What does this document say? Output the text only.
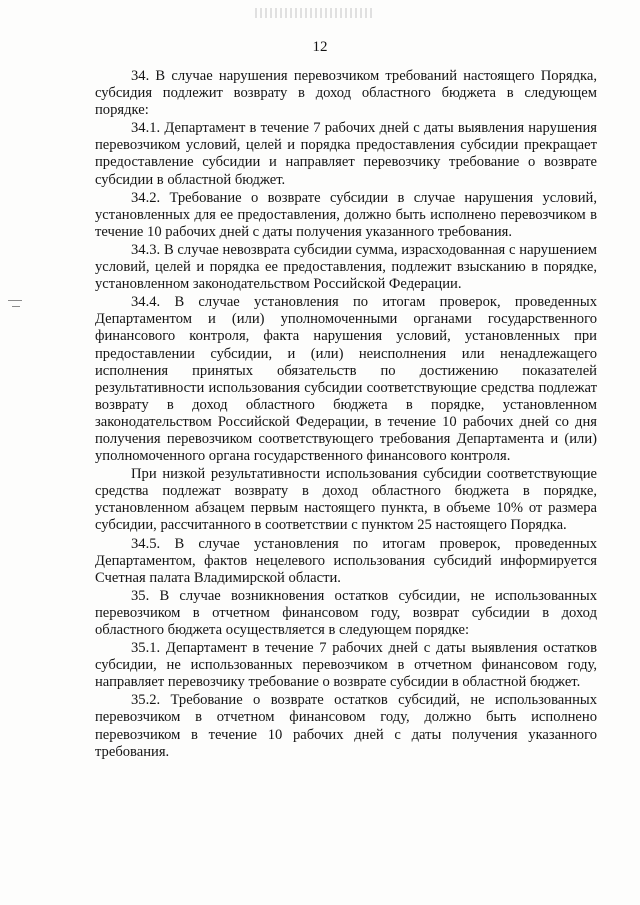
12

34. В случае нарушения перевозчиком требований настоящего Порядка, субсидия подлежит возврату в доход областного бюджета в следующем порядке:

34.1. Департамент в течение 7 рабочих дней с даты выявления нарушения перевозчиком условий, целей и порядка предоставления субсидии прекращает предоставление субсидии и направляет перевозчику требование о возврате субсидии в областной бюджет.

34.2. Требование о возврате субсидии в случае нарушения условий, установленных для ее предоставления, должно быть исполнено перевозчиком в течение 10 рабочих дней с даты получения указанного требования.

34.3. В случае невозврата субсидии сумма, израсходованная с нарушением условий, целей и порядка ее предоставления, подлежит взысканию в порядке, установленном законодательством Российской Федерации.

34.4. В случае установления по итогам проверок, проведенных Департаментом и (или) уполномоченными органами государственного финансового контроля, факта нарушения условий, установленных при предоставлении субсидии, и (или) неисполнения или ненадлежащего исполнения принятых обязательств по достижению показателей результативности использования субсидии соответствующие средства подлежат возврату в доход областного бюджета в порядке, установленном законодательством Российской Федерации, в течение 10 рабочих дней со дня получения перевозчиком соответствующего требования Департамента и (или) уполномоченного органа государственного финансового контроля.

При низкой результативности использования субсидии соответствующие средства подлежат возврату в доход областного бюджета в порядке, установленном абзацем первым настоящего пункта, в объеме 10% от размера субсидии, рассчитанного в соответствии с пунктом 25 настоящего Порядка.

34.5. В случае установления по итогам проверок, проведенных Департаментом, фактов нецелевого использования субсидий информируется Счетная палата Владимирской области.

35. В случае возникновения остатков субсидии, не использованных перевозчиком в отчетном финансовом году, возврат субсидии в доход областного бюджета осуществляется в следующем порядке:

35.1. Департамент в течение 7 рабочих дней с даты выявления остатков субсидии, не использованных перевозчиком в отчетном финансовом году, направляет перевозчику требование о возврате субсидии в областной бюджет.

35.2. Требование о возврате остатков субсидий, не использованных перевозчиком в отчетном финансовом году, должно быть исполнено перевозчиком в течение 10 рабочих дней с даты получения указанного требования.
